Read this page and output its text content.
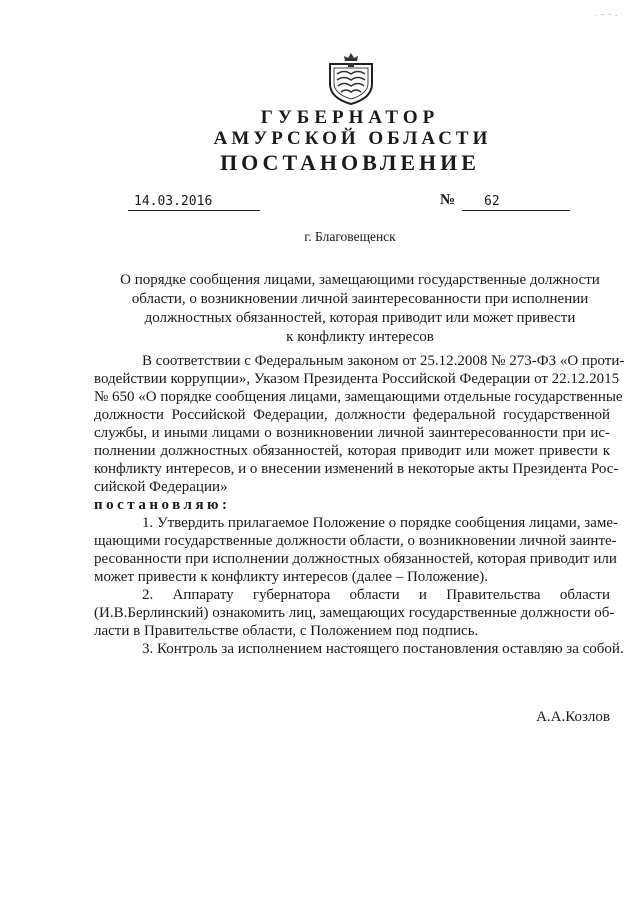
. – – ,
ГУБЕРНАТОР
АМУРСКОЙ ОБЛАСТИ
ПОСТАНОВЛЕНИЕ
14.03.2016	№	62
г. Благовещенск
О порядке сообщения лицами, замещающими государственные должности
области, о возникновении личной заинтересованности при исполнении
должностных обязанностей, которая приводит или может привести
к конфликту интересов
В соответствии с Федеральным законом от 25.12.2008 № 273-ФЗ «О проти-
водействии коррупции», Указом Президента Российской Федерации от 22.12.2015
№ 650 «О порядке сообщения лицами, замещающими отдельные государственные
должности Российской Федерации, должности федеральной государственной
службы, и иными лицами о возникновении личной заинтересованности при ис-
полнении должностных обязанностей, которая приводит или может привести к
конфликту интересов, и о внесении изменений в некоторые акты Президента Рос-
сийской Федерации»
постановляю:
1. Утвердить прилагаемое Положение о порядке сообщения лицами, заме-
щающими государственные должности области, о возникновении личной заинте-
ресованности при исполнении должностных обязанностей, которая приводит или
может привести к конфликту интересов (далее – Положение).
2.    Аппарату    губернатора    области    и    Правительства    области
(И.В.Берлинский) ознакомить лиц, замещающих государственные должности об-
ласти в Правительстве области, с Положением под подпись.
3. Контроль за исполнением настоящего постановления оставляю за собой.
А.А.Козлов
